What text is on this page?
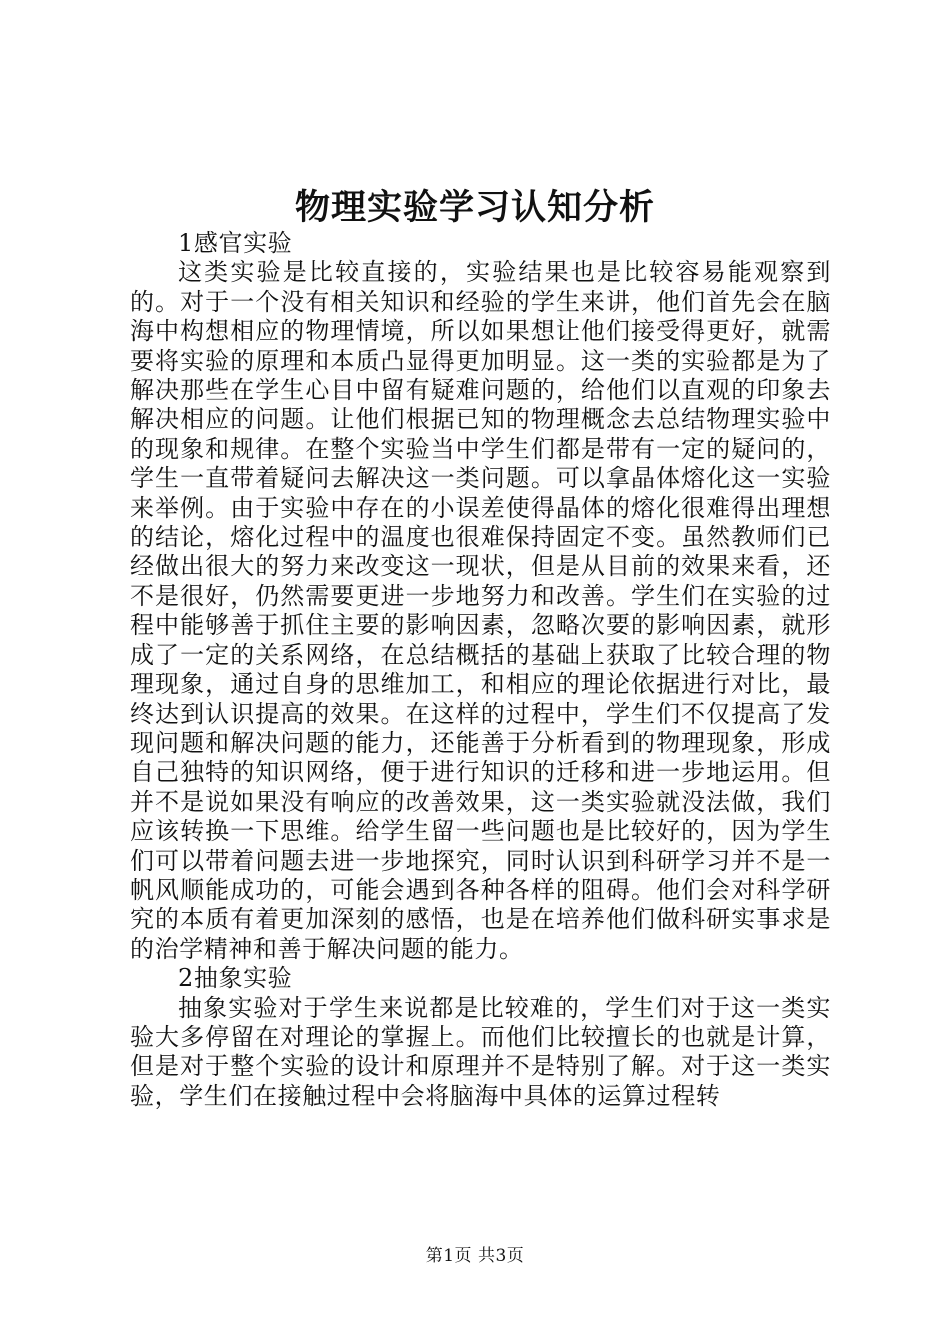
物理实验学习认知分析

1感官实验

这类实验是比较直接的，实验结果也是比较容易能观察到的。对于一个没有相关知识和经验的学生来讲，他们首先会在脑海中构想相应的物理情境，所以如果想让他们接受得更好，就需要将实验的原理和本质凸显得更加明显。这一类的实验都是为了解决那些在学生心目中留有疑难问题的，给他们以直观的印象去解决相应的问题。让他们根据已知的物理概念去总结物理实验中的现象和规律。在整个实验当中学生们都是带有一定的疑问的，学生一直带着疑问去解决这一类问题。可以拿晶体熔化这一实验来举例。由于实验中存在的小误差使得晶体的熔化很难得出理想的结论，熔化过程中的温度也很难保持固定不变。虽然教师们已经做出很大的努力来改变这一现状，但是从目前的效果来看，还不是很好，仍然需要更进一步地努力和改善。学生们在实验的过程中能够善于抓住主要的影响因素，忽略次要的影响因素，就形成了一定的关系网络，在总结概括的基础上获取了比较合理的物理现象，通过自身的思维加工，和相应的理论依据进行对比，最终达到认识提高的效果。在这样的过程中，学生们不仅提高了发现问题和解决问题的能力，还能善于分析看到的物理现象，形成自己独特的知识网络，便于进行知识的迁移和进一步地运用。但并不是说如果没有响应的改善效果，这一类实验就没法做，我们应该转换一下思维。给学生留一些问题也是比较好的，因为学生们可以带着问题去进一步地探究，同时认识到科研学习并不是一帆风顺能成功的，可能会遇到各种各样的阻碍。他们会对科学研究的本质有着更加深刻的感悟，也是在培养他们做科研实事求是的治学精神和善于解决问题的能力。

2抽象实验

抽象实验对于学生来说都是比较难的，学生们对于这一类实验大多停留在对理论的掌握上。而他们比较擅长的也就是计算，但是对于整个实验的设计和原理并不是特别了解。对于这一类实验，学生们在接触过程中会将脑海中具体的运算过程转

第1页 共3页
